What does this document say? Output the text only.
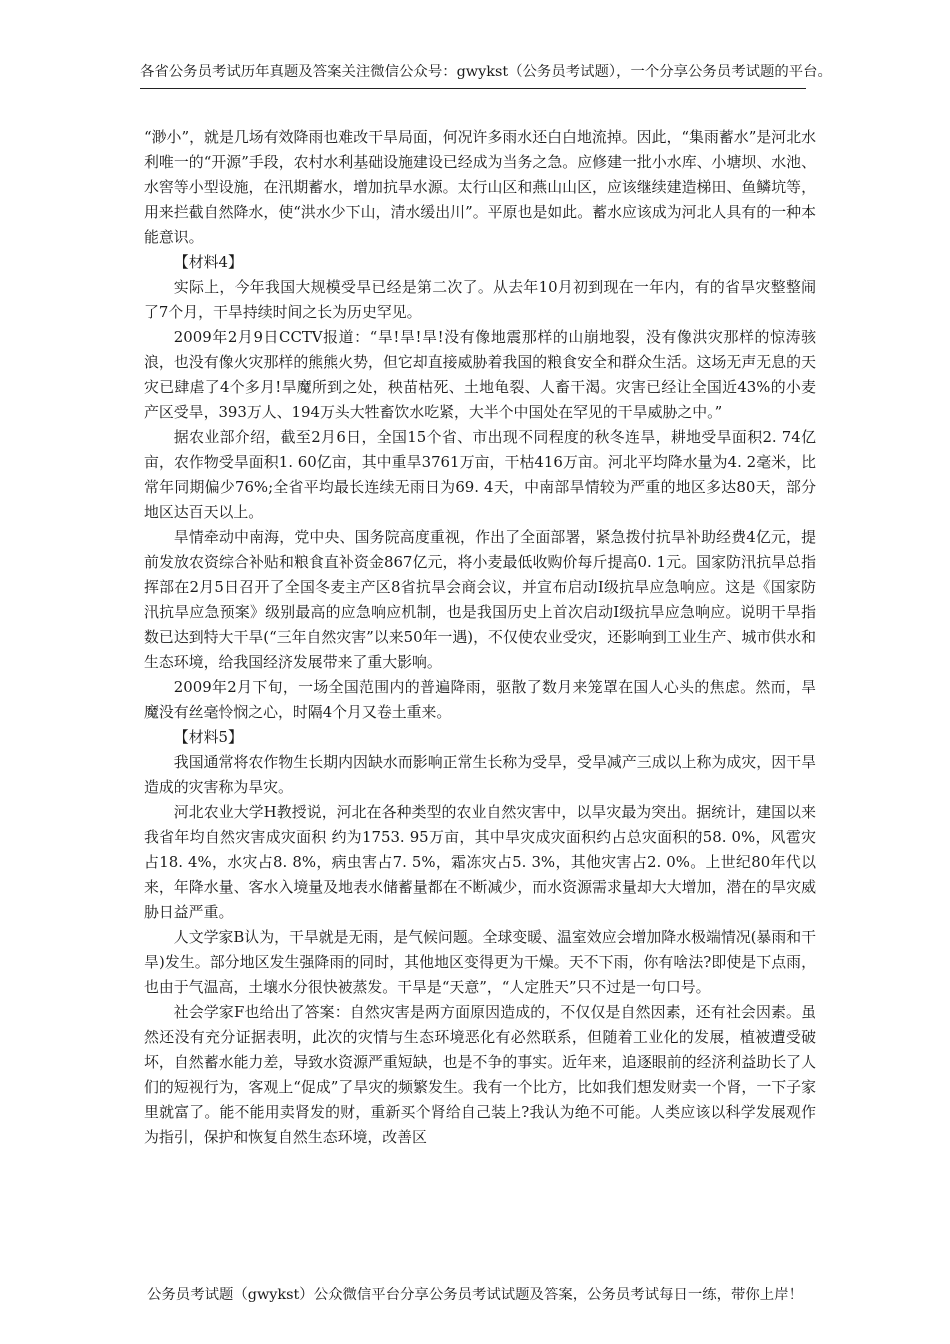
各省公务员考试历年真题及答案关注微信公众号：gwykst（公务员考试题），一个分享公务员考试题的平台。

“渺小”，就是几场有效降雨也难改干旱局面，何况许多雨水还白白地流掉。因此，“集雨蓄水”是河北水利唯一的“开源”手段，农村水利基础设施建设已经成为当务之急。应修建一批小水库、小塘坝、水池、水窖等小型设施，在汛期蓄水，增加抗旱水源。太行山区和燕山山区，应该继续建造梯田、鱼鳞坑等，用来拦截自然降水，使“洪水少下山，清水缓出川”。平原也是如此。蓄水应该成为河北人具有的一种本能意识。

【材料4】

实际上，今年我国大规模受旱已经是第二次了。从去年10月初到现在一年内，有的省旱灾整整闹了7个月，干旱持续时间之长为历史罕见。

2009年2月9日CCTV报道：“旱!旱!旱!没有像地震那样的山崩地裂，没有像洪灾那样的惊涛骇浪，也没有像火灾那样的熊熊火势，但它却直接威胁着我国的粮食安全和群众生活。这场无声无息的天灾已肆虐了4个多月!旱魔所到之处，秧苗枯死、土地龟裂、人畜干渴。灾害已经让全国近43%的小麦产区受旱，393万人、194万头大牲畜饮水吃紧，大半个中国处在罕见的干旱威胁之中。”

据农业部介绍，截至2月6日，全国15个省、市出现不同程度的秋冬连旱，耕地受旱面积2. 74亿亩，农作物受旱面积1. 60亿亩，其中重旱3761万亩，干枯416万亩。河北平均降水量为4. 2毫米，比常年同期偏少76%;全省平均最长连续无雨日为69. 4天，中南部旱情较为严重的地区多达80天，部分地区达百天以上。

旱情牵动中南海，党中央、国务院高度重视，作出了全面部署，紧急拨付抗旱补助经费4亿元，提前发放农资综合补贴和粮食直补资金867亿元，将小麦最低收购价每斤提高0. 1元。国家防汛抗旱总指挥部在2月5日召开了全国冬麦主产区8省抗旱会商会议，并宣布启动Ⅰ级抗旱应急响应。这是《国家防汛抗旱应急预案》级别最高的应急响应机制，也是我国历史上首次启动Ⅰ级抗旱应急响应。说明干旱指数已达到特大干旱(“三年自然灾害”以来50年一遇)，不仅使农业受灾，还影响到工业生产、城市供水和生态环境，给我国经济发展带来了重大影响。

2009年2月下旬，一场全国范围内的普遍降雨，驱散了数月来笼罩在国人心头的焦虑。然而，旱魔没有丝毫怜悯之心，时隔4个月又卷土重来。

【材料5】

我国通常将农作物生长期内因缺水而影响正常生长称为受旱，受旱减产三成以上称为成灾，因干旱造成的灾害称为旱灾。

河北农业大学H教授说，河北在各种类型的农业自然灾害中，以旱灾最为突出。据统计，建国以来我省年均自然灾害成灾面积 约为1753. 95万亩，其中旱灾成灾面积约占总灾面积的58. 0%，风雹灾占18. 4%，水灾占8. 8%，病虫害占7. 5%，霜冻灾占5. 3%，其他灾害占2. 0%。上世纪80年代以来，年降水量、客水入境量及地表水储蓄量都在不断减少，而水资源需求量却大大增加，潜在的旱灾威胁日益严重。

人文学家B认为，干旱就是无雨，是气候问题。全球变暖、温室效应会增加降水极端情况(暴雨和干旱)发生。部分地区发生强降雨的同时，其他地区变得更为干燥。天不下雨，你有啥法?即使是下点雨，也由于气温高，土壤水分很快被蒸发。干旱是“天意”，“人定胜天”只不过是一句口号。

社会学家F也给出了答案：自然灾害是两方面原因造成的，不仅仅是自然因素，还有社会因素。虽然还没有充分证据表明，此次的灾情与生态环境恶化有必然联系，但随着工业化的发展，植被遭受破坏，自然蓄水能力差，导致水资源严重短缺，也是不争的事实。近年来，追逐眼前的经济利益助长了人们的短视行为，客观上“促成”了旱灾的频繁发生。我有一个比方，比如我们想发财卖一个肾，一下子家里就富了。能不能用卖肾发的财，重新买个肾给自己装上?我认为绝不可能。人类应该以科学发展观作为指引，保护和恢复自然生态环境，改善区

公务员考试题（gwykst）公众微信平台分享公务员考试试题及答案，公务员考试每日一练，带你上岸！
